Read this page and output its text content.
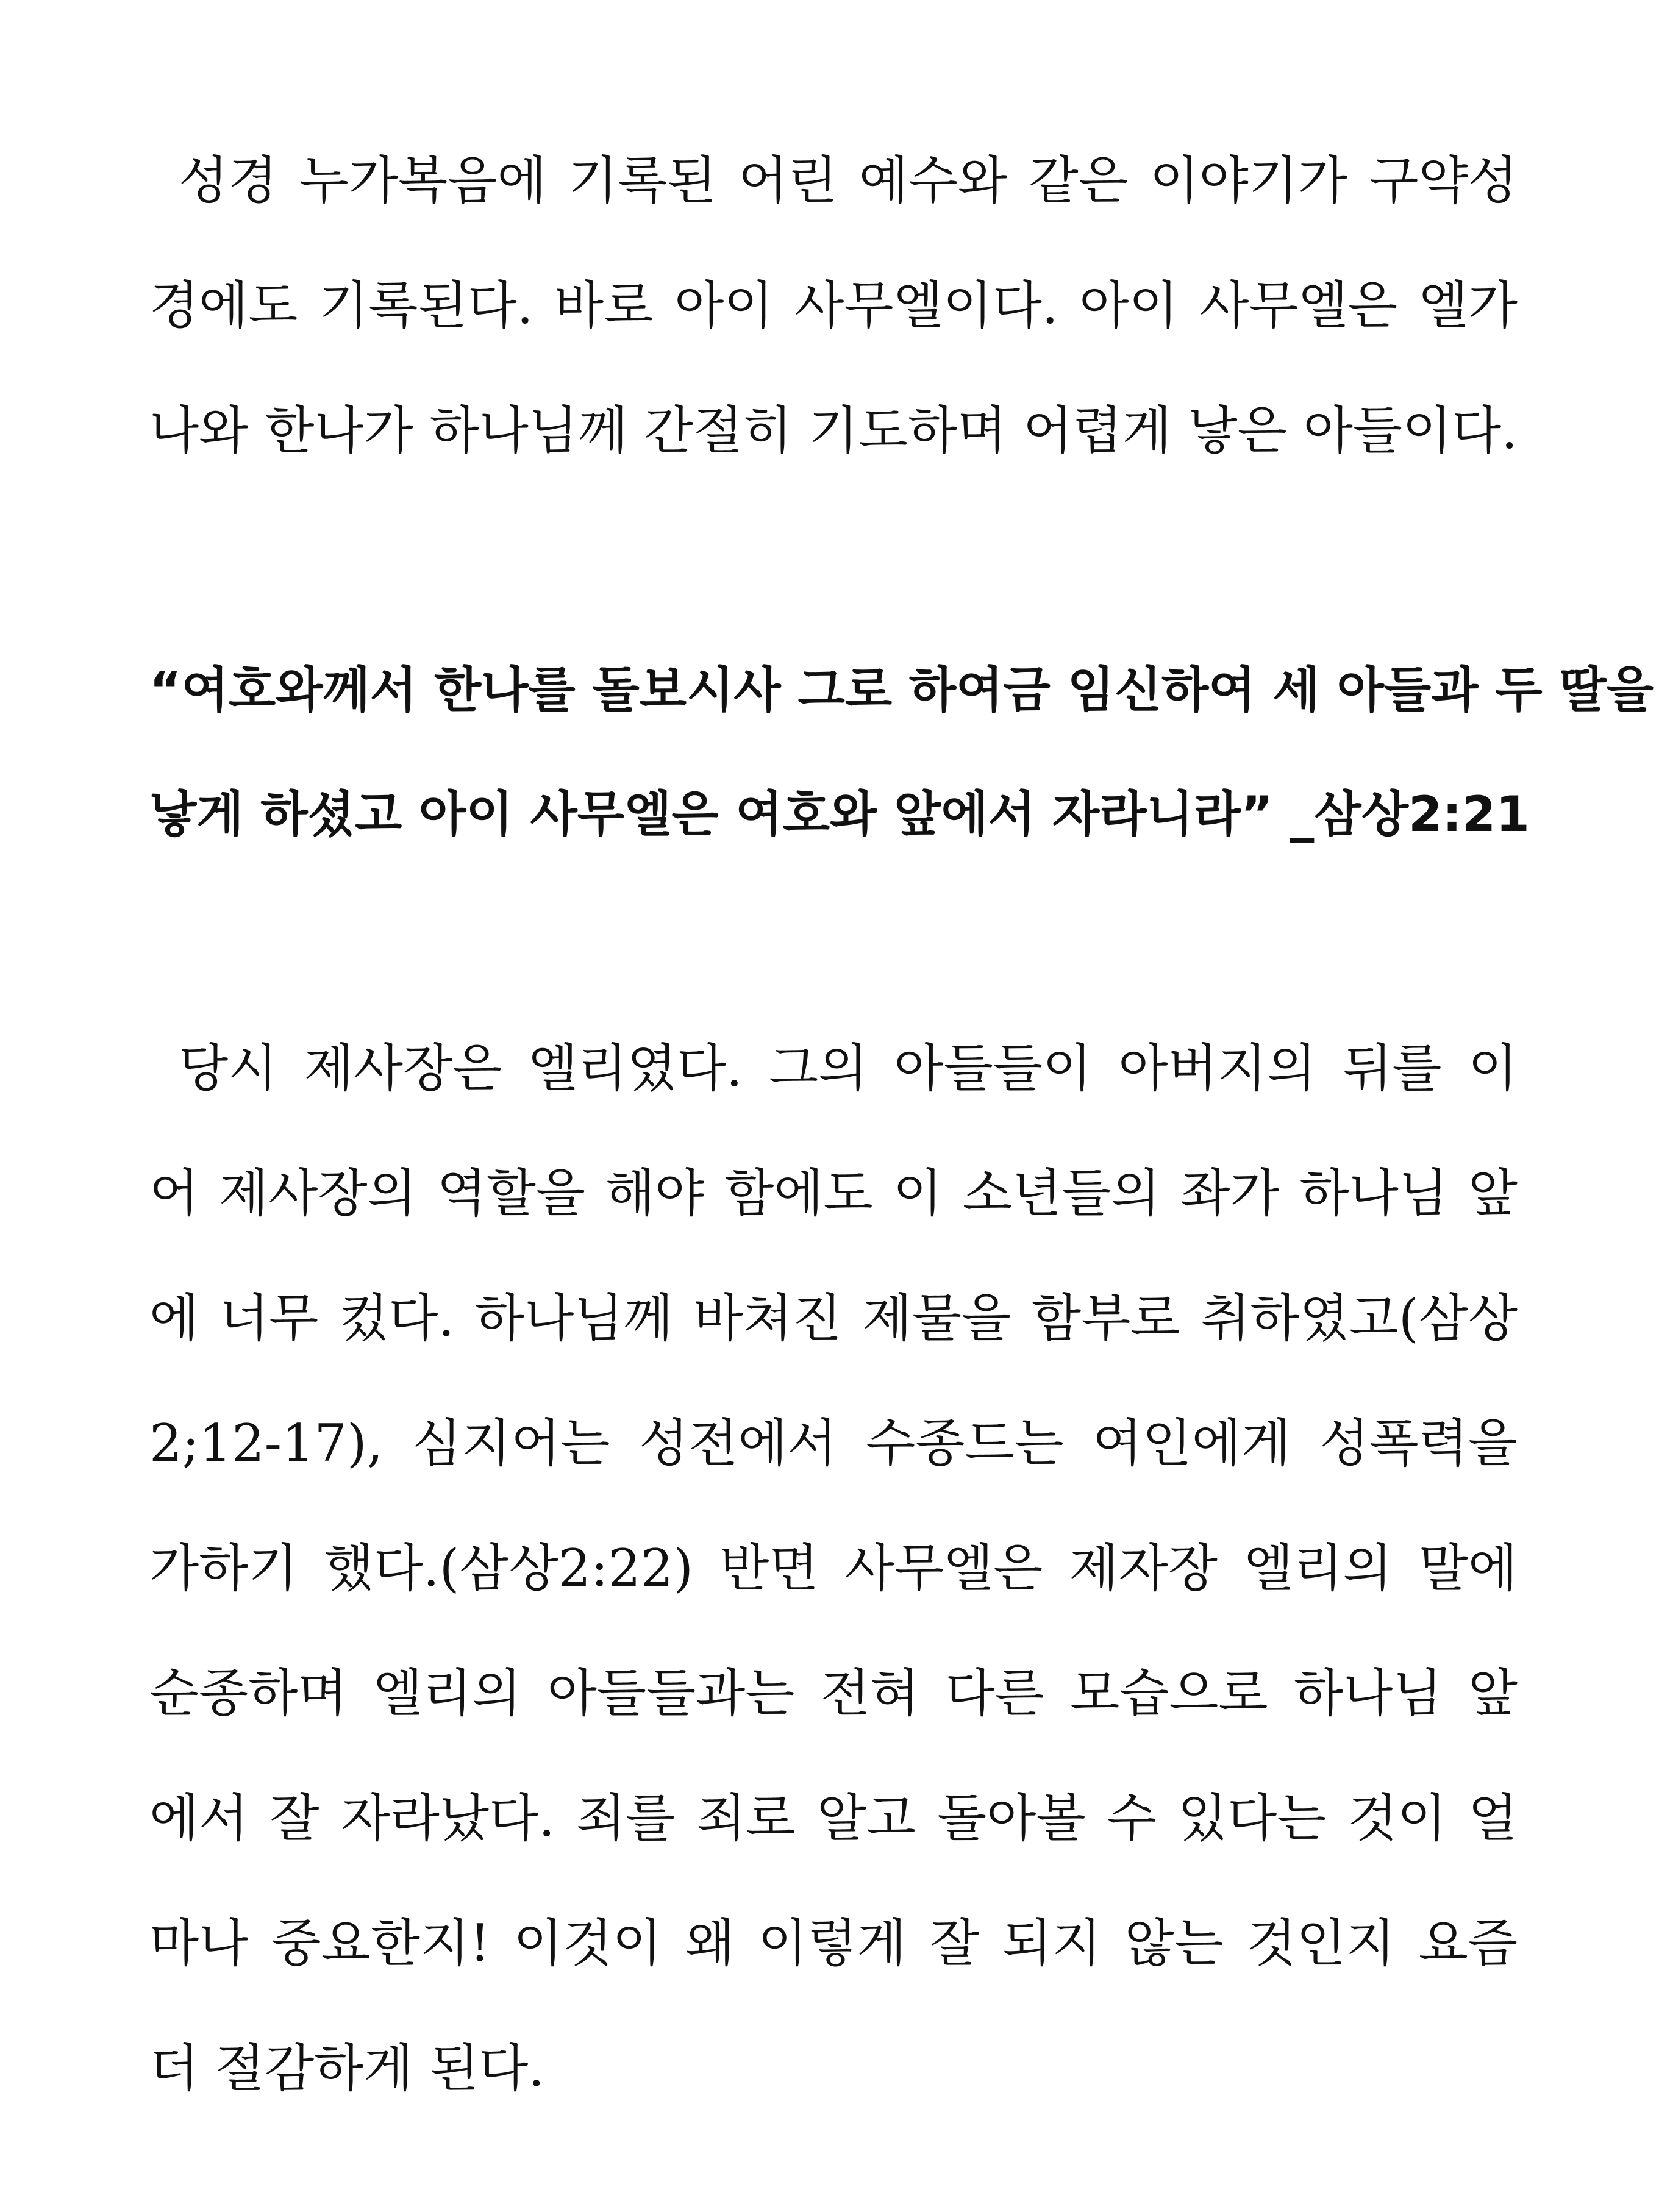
성경 누가복음에 기록된 어린 예수와 같은 이야기가 구약성
경에도 기록된다. 바로 아이 사무엘이다. 아이 사무엘은 엘가
나와 한나가 하나님께 간절히 기도하며 어렵게 낳은 아들이다.
“여호와께서 한나를 돌보시사 그로 하여금 임신하여 세 아들과 두 딸을
낳게 하셨고 아이 사무엘은 여호와 앞에서 자라니라” _삼상2:21
당시 제사장은 엘리였다. 그의 아들들이 아버지의 뒤를 이
어 제사장의 역할을 해야 함에도 이 소년들의 좌가 하나님 앞
에 너무 컸다. 하나님께 바쳐진 제물을 함부로 취하였고(삼상
2;12-17), 심지어는 성전에서 수종드는 여인에게 성폭력을
가하기 했다.(삼상2:22) 반면 사무엘은 제자장 엘리의 말에
순종하며 엘리의 아들들과는 전혀 다른 모습으로 하나님 앞
에서 잘 자라났다. 죄를 죄로 알고 돌아볼 수 있다는 것이 얼
마나 중요한지! 이것이 왜 이렇게 잘 되지 않는 것인지 요즘
더 절감하게 된다.
